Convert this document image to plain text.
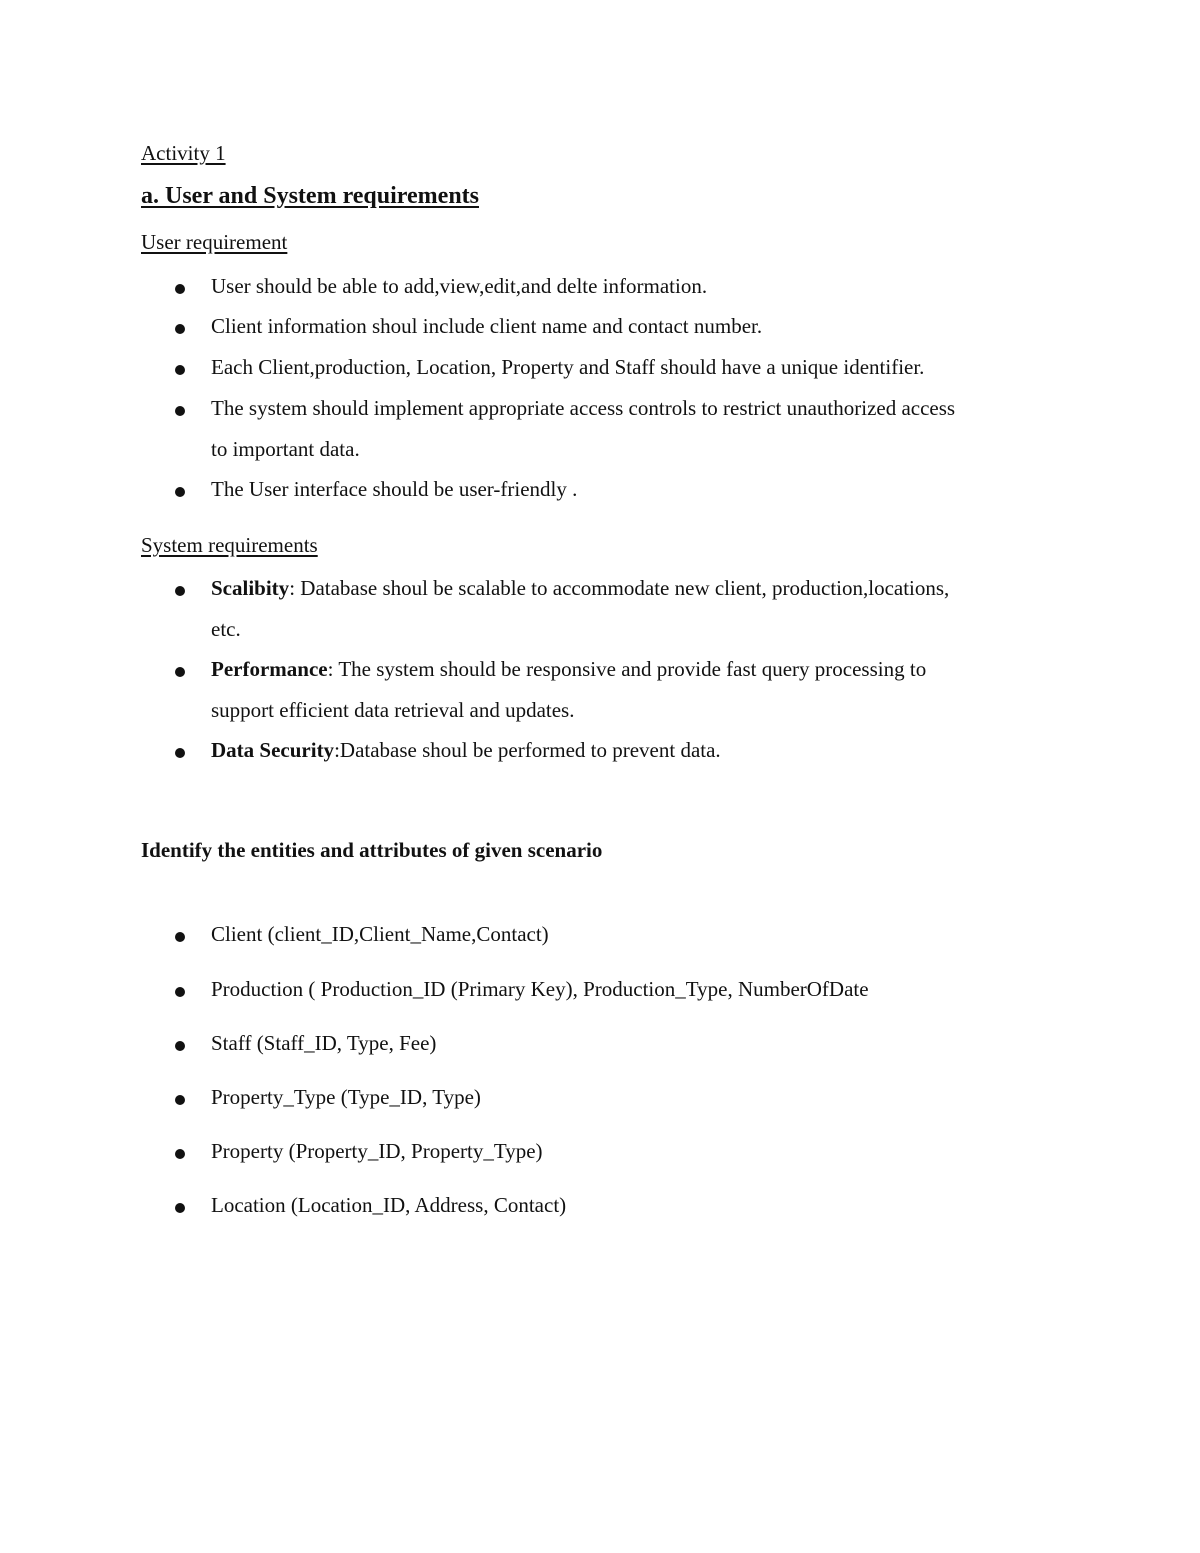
Activity 1
a. User and System requirements
User requirement
User should be able to add,view,edit,and delte information.
Client information shoul include client name and contact number.
Each Client,production, Location, Property and Staff should have a unique identifier.
The system should implement appropriate access controls to restrict unauthorized access
to important data.
The User interface should be user-friendly .
System requirements
Scalibity: Database shoul be scalable to accommodate new client, production,locations,
etc.
Performance: The system should be responsive and provide fast query processing to
support efficient data retrieval and updates.
Data Security:Database shoul be performed to prevent data.
Identify the entities and attributes of given scenario
Client (client_ID,Client_Name,Contact)
Production ( Production_ID (Primary Key), Production_Type, NumberOfDate
Staff (Staff_ID, Type, Fee)
Property_Type (Type_ID, Type)
Property (Property_ID, Property_Type)
Location (Location_ID, Address, Contact)
